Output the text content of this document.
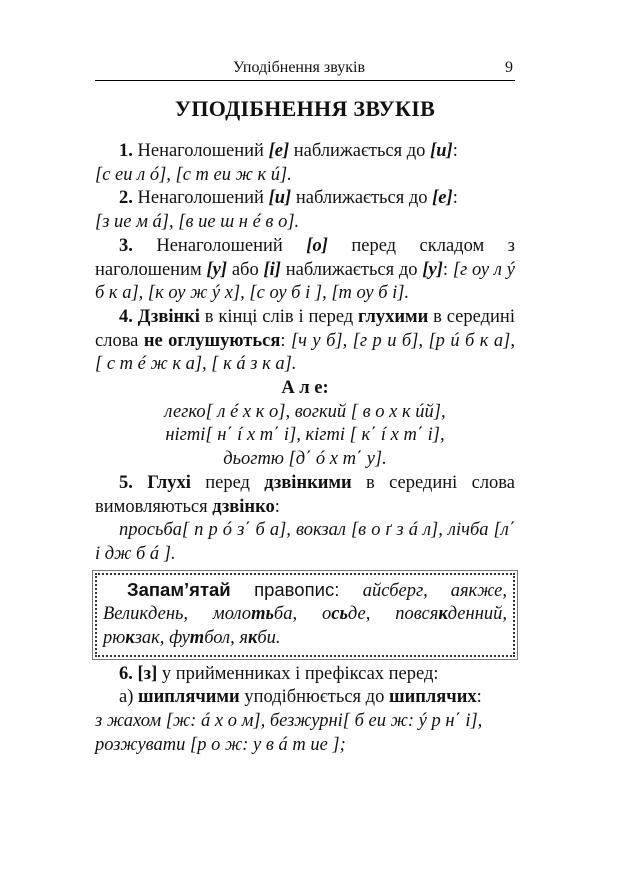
Уподібнення звуків	9
УПОДІБНЕННЯ ЗВУКІВ

1. Ненаголошений [е] наближається до [и]:

[с еи л ó], [с т еи ж к ú].

2. Ненаголошений [и] наближається до [е]:

[з иe м á], [в иe ш н é в о].

3. Ненаголошений [о] перед складом з наголошеним [у] або [і] наближається до [у]: [г оу л ý б к а], [к оу ж ý х], [с оу б і ], [т оу б і].

4. Дзвінкі в кінці слів і перед глухими в середині слова не оглушуються: [ч у б], [г р и б], [р ú б к а], [ с т é ж к а], [ к á з к а].

А л е:

легко[ л é х к о], вогкий [ в о х к úй],

нігті[ н΄ í х т΄ і], кігті [ к΄ í х т΄ і],

дьогтю [д΄ ó х т΄ у].

5. Глухі перед дзвінкими в середині слова вимовляються дзвінко:

просьба[ п р ó з΄ б а], вокзал [в о ґ з á л], лічба [л΄ і дж б á ].

Запам’ятай правопис: айсберг, аякже, Великдень, молотьба, осьде, повсякденний, рюкзак, футбол, якби.

6. [з] у прийменниках і префіксах перед:

а) шиплячими уподібнюється до шиплячих:

з жахом [ж: á х о м], безжурні[ б еи ж: ý р н΄ і],

розжувати [р о ж: у в á т иe ];
